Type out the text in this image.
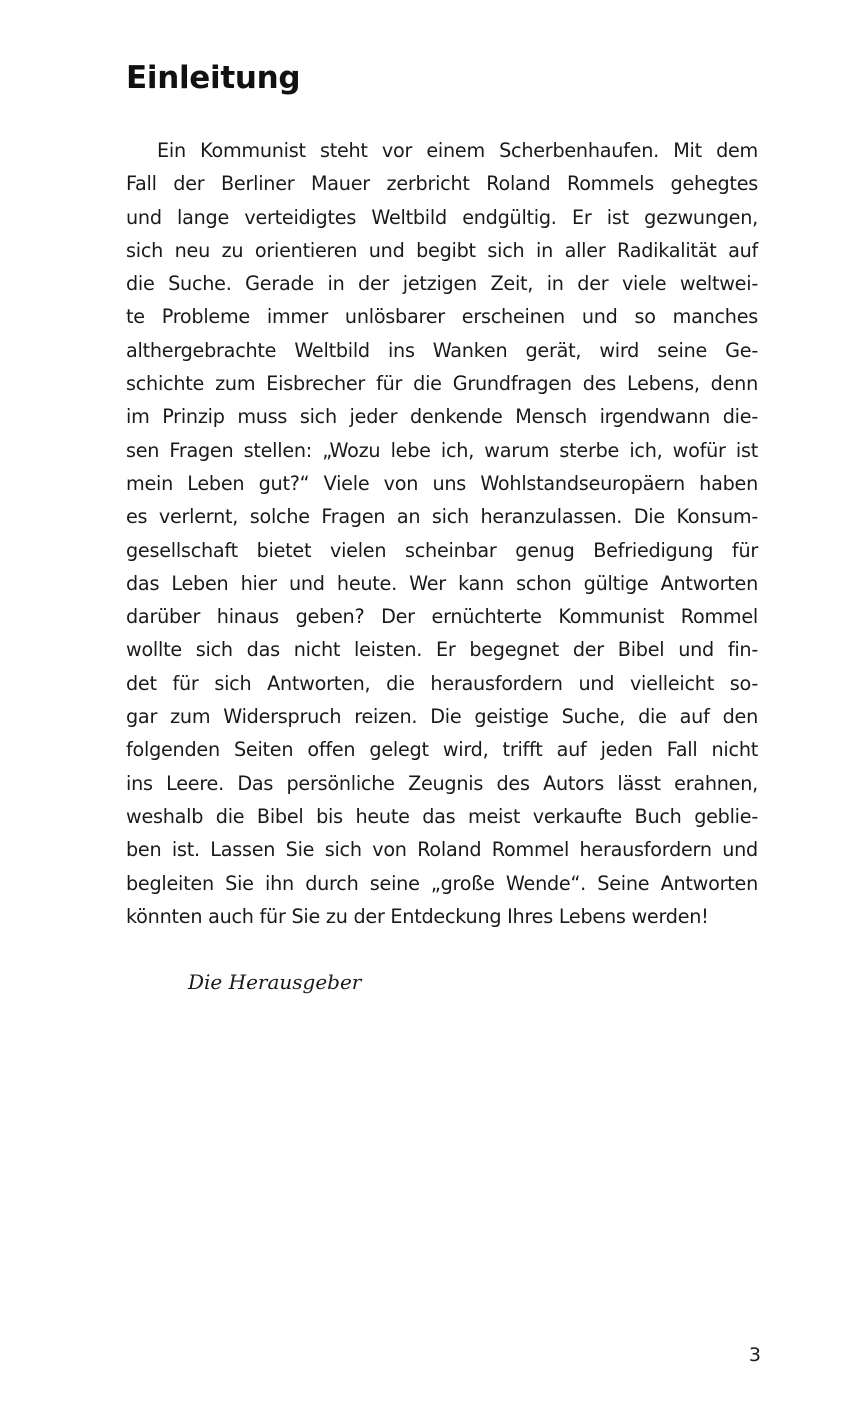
Einleitung
Ein Kommunist steht vor einem Scherbenhaufen. Mit dem
Fall der Berliner Mauer zerbricht Roland Rommels gehegtes
und lange verteidigtes Weltbild endgültig. Er ist gezwungen,
sich neu zu orientieren und begibt sich in aller Radikalität auf
die Suche. Gerade in der jetzigen Zeit, in der viele weltwei-
te Probleme immer unlösbarer erscheinen und so manches
althergebrachte Weltbild ins Wanken gerät, wird seine Ge-
schichte zum Eisbrecher für die Grundfragen des Lebens, denn
im Prinzip muss sich jeder denkende Mensch irgendwann die-
sen Fragen stellen: „Wozu lebe ich, warum sterbe ich, wofür ist
mein Leben gut?“ Viele von uns Wohlstandseuropäern haben
es verlernt, solche Fragen an sich heranzulassen. Die Konsum-
gesellschaft bietet vielen scheinbar genug Befriedigung für
das Leben hier und heute. Wer kann schon gültige Antworten
darüber hinaus geben? Der ernüchterte Kommunist Rommel
wollte sich das nicht leisten. Er begegnet der Bibel und fin-
det für sich Antworten, die herausfordern und vielleicht so-
gar zum Widerspruch reizen. Die geistige Suche, die auf den
folgenden Seiten offen gelegt wird, trifft auf jeden Fall nicht
ins Leere. Das persönliche Zeugnis des Autors lässt erahnen,
weshalb die Bibel bis heute das meist verkaufte Buch geblie-
ben ist. Lassen Sie sich von Roland Rommel herausfordern und
begleiten Sie ihn durch seine „große Wende“. Seine Antworten
könnten auch für Sie zu der Entdeckung Ihres Lebens werden!
Die Herausgeber
3
